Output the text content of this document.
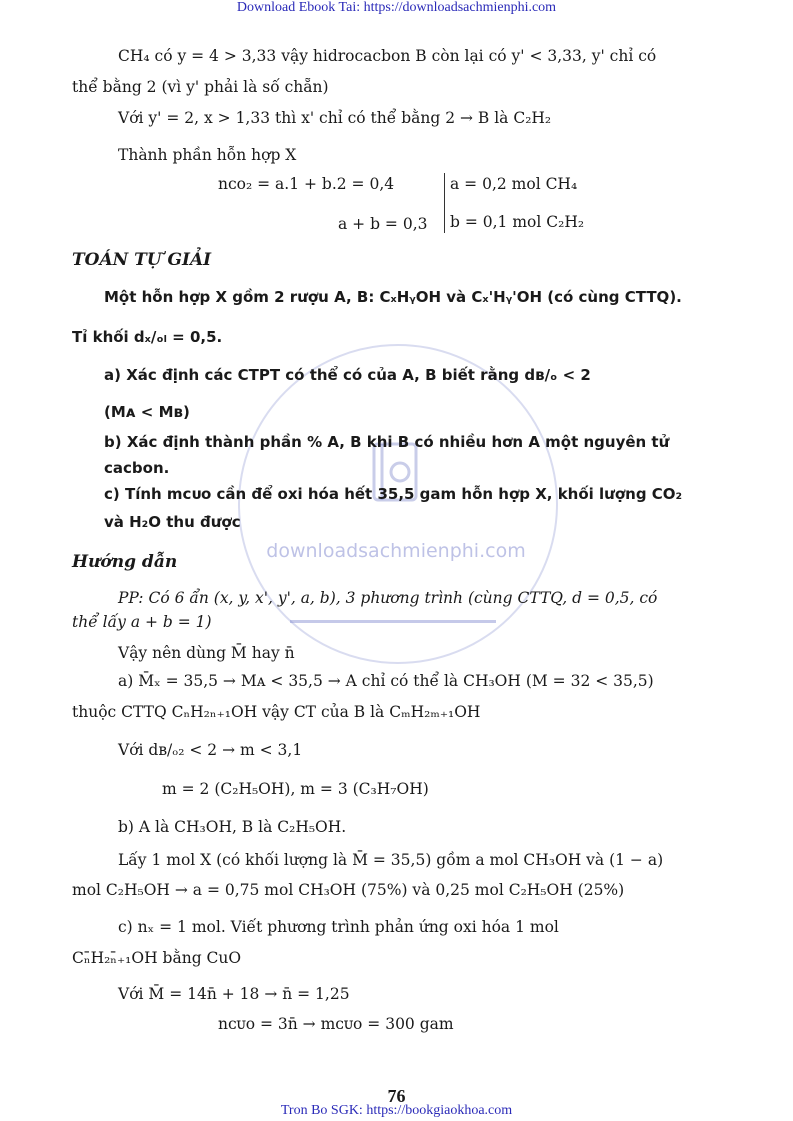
Download Ebook Tai: https://downloadsachmienphi.com
downloadsachmienphi.com
CH₄ có y = 4 > 3,33 vậy hidrocacbon B còn lại có y' < 3,33, y' chỉ có
thể bằng 2 (vì y' phải là số chẵn)
Với y' = 2, x > 1,33 thì x' chỉ có thể bằng 2 → B là C₂H₂
Thành phần hỗn hợp X
nᴄᴏ₂ = a.1 + b.2 = 0,4	a = 0,2 mol CH₄
a + b = 0,3 b = 0,1 mol C₂H₂
TOÁN TỰ GIẢI
Một hỗn hợp X gồm 2 rượu A, B: CₓHᵧOH và Cₓ'Hᵧ'OH (có cùng CTTQ).
Tỉ khối dₓ/ₒₗ = 0,5.
a) Xác định các CTPT có thể có của A, B biết rằng dʙ/ₒ < 2
(Mᴀ < Mʙ)
b) Xác định thành phần % A, B khi B có nhiều hơn A một nguyên tử
cacbon.
c) Tính mᴄᴜᴏ cần để oxi hóa hết 35,5 gam hỗn hợp X, khối lượng CO₂
và H₂O thu được
Hướng dẫn
PP: Có 6 ẩn (x, y, x', y', a, b), 3 phương trình (cùng CTTQ, d = 0,5, có
thể lấy a + b = 1)
Vậy nên dùng M̄ hay n̄
a) M̄ₓ = 35,5 → Mᴀ < 35,5 → A chỉ có thể là CH₃OH (M = 32 < 35,5)
thuộc CTTQ CₙH₂ₙ₊₁OH vậy CT của B là CₘH₂ₘ₊₁OH
Với dʙ/ₒ₂ < 2 → m < 3,1
m = 2 (C₂H₅OH), m = 3 (C₃H₇OH)
b) A là CH₃OH, B là C₂H₅OH.
Lấy 1 mol X (có khối lượng là M̄ = 35,5) gồm a mol CH₃OH và (1 − a)
mol C₂H₅OH → a = 0,75 mol CH₃OH (75%) và 0,25 mol C₂H₅OH (25%)
c) nₓ = 1 mol. Viết phương trình phản ứng oxi hóa 1 mol
Cₙ̄H₂ₙ̄₊₁OH bằng CuO
Với M̄ = 14n̄ + 18 → n̄ = 1,25
nᴄᴜᴏ = 3n̄ → mᴄᴜᴏ = 300 gam
76
Tron Bo SGK: https://bookgiaokhoa.com
